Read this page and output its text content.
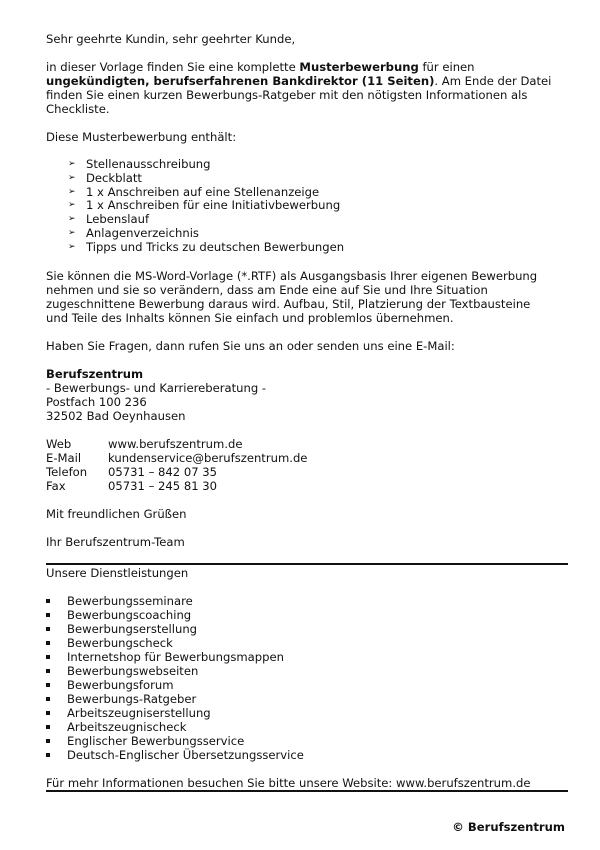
Sehr geehrte Kundin, sehr geehrter Kunde,

in dieser Vorlage finden Sie eine komplette Musterbewerbung für einen ungekündigten, berufserfahrenen Bankdirektor (11 Seiten). Am Ende der Datei finden Sie einen kurzen Bewerbungs-Ratgeber mit den nötigsten Informationen als Checkliste.

Diese Musterbewerbung enthält:

➢ Stellenausschreibung
➢ Deckblatt
➢ 1 x Anschreiben auf eine Stellenanzeige
➢ 1 x Anschreiben für eine Initiativbewerbung
➢ Lebenslauf
➢ Anlagenverzeichnis
➢ Tipps und Tricks zu deutschen Bewerbungen

Sie können die MS-Word-Vorlage (*.RTF) als Ausgangsbasis Ihrer eigenen Bewerbung nehmen und sie so verändern, dass am Ende eine auf Sie und Ihre Situation zugeschnittene Bewerbung daraus wird. Aufbau, Stil, Platzierung der Textbausteine und Teile des Inhalts können Sie einfach und problemlos übernehmen.

Haben Sie Fragen, dann rufen Sie uns an oder senden uns eine E-Mail:

Berufszentrum

- Bewerbungs- und Karriereberatung -

Postfach 100 236

32502 Bad Oeynhausen

Web	www.berufszentrum.de
E-Mail	kundenservice@berufszentrum.de
Telefon	05731 – 842 07 35
Fax	05731 – 245 81 30

Mit freundlichen Grüßen

Ihr Berufszentrum-Team

Unsere Dienstleistungen

Bewerbungsseminare
Bewerbungscoaching
Bewerbungserstellung
Bewerbungscheck
Internetshop für Bewerbungsmappen
Bewerbungswebseiten
Bewerbungsforum
Bewerbungs-Ratgeber
Arbeitszeugniserstellung
Arbeitszeugnischeck
Englischer Bewerbungsservice
Deutsch-Englischer Übersetzungsservice

Für mehr Informationen besuchen Sie bitte unsere Website: www.berufszentrum.de

© Berufszentrum
